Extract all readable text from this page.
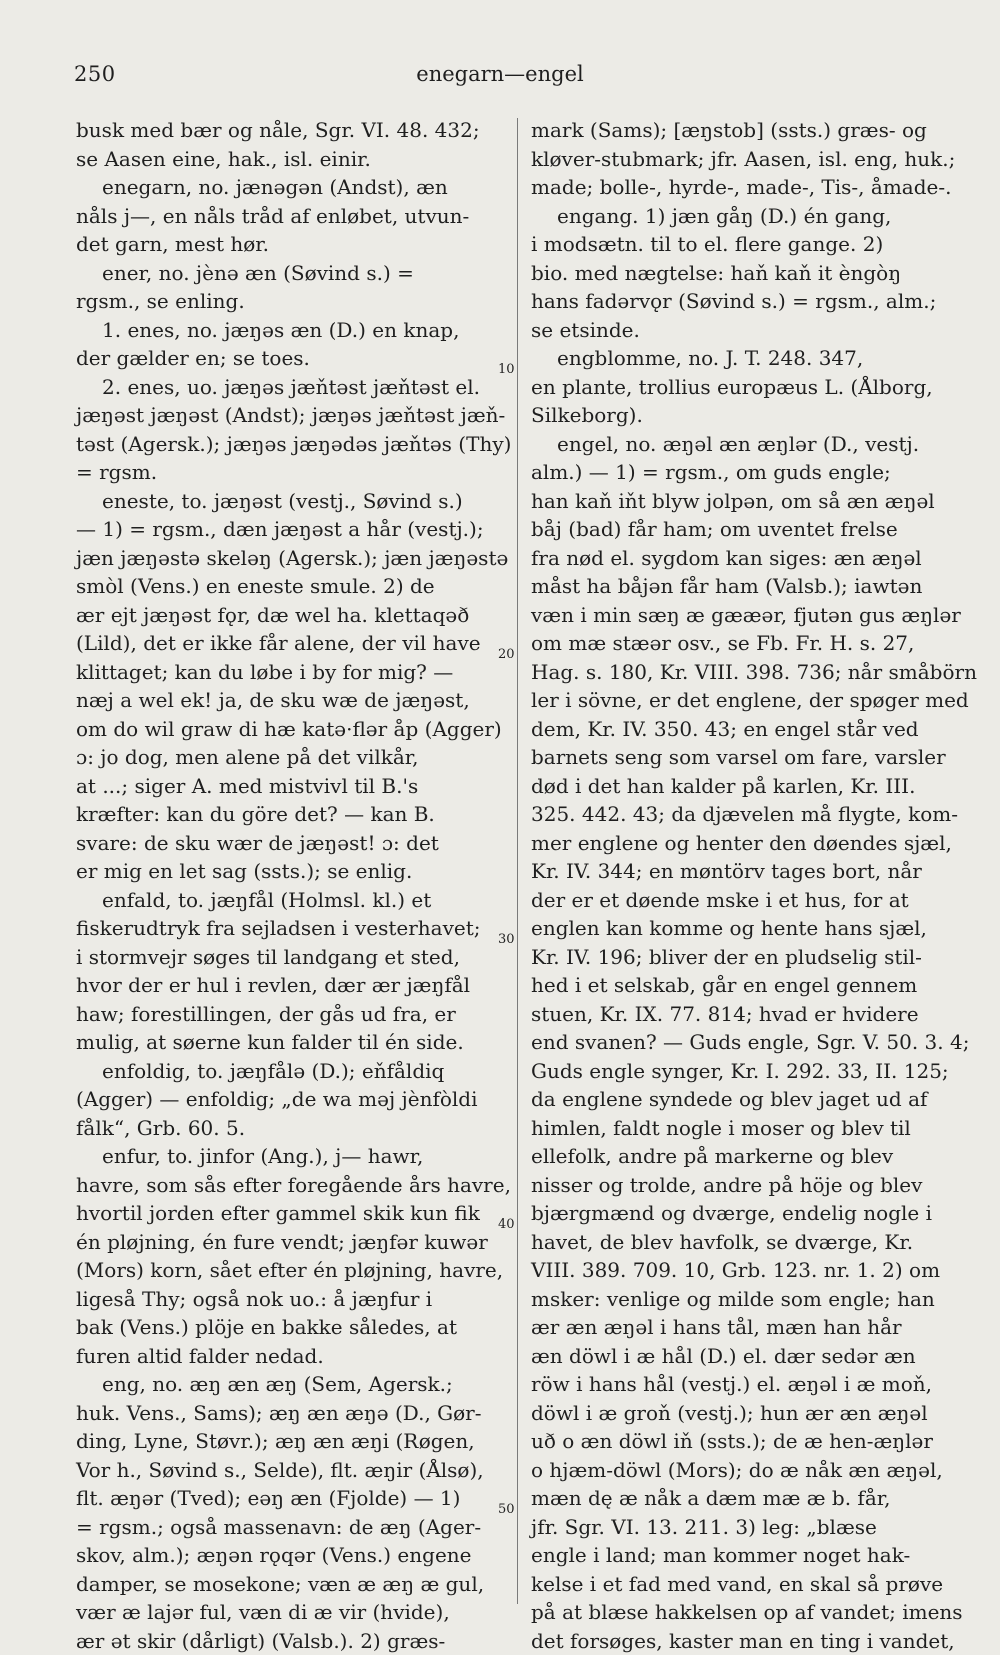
250	enegarn—engel
busk med bær og nåle, Sgr. VI. 48. 432;
se Aasen eine, hak., isl. einir.
enegarn, no. jænəgən (Andst), æn
nåls j—, en nåls tråd af enløbet, utvun-
det garn, mest hør.
ener, no. jènə æn (Søvind s.) =
rgsm., se enling.
1. enes, no. jæŋəs æn (D.) en knap,
der gælder en; se toes.
2. enes, uo. jæŋəs jæňtəst jæňtəst el.
jæŋəst jæŋəst (Andst); jæŋəs jæňtəst jæň-
təst (Agersk.); jæŋəs jæŋədəs jæňtəs (Thy)
= rgsm.
eneste, to. jæŋəst (vestj., Søvind s.)
— 1) = rgsm., dæn jæŋəst a hår (vestj.);
jæn jæŋəstə skeləŋ (Agersk.); jæn jæŋəstə
smòl (Vens.) en eneste smule. 2) de
ær ejt jæŋəst fǫr, dæ wel ha. klettaqəð
(Lild), det er ikke får alene, der vil have
klittaget; kan du løbe i by for mig? —
næj a wel ek! ja, de sku wæ de jæŋəst,
om do wil graw di hæ katə·flər åp (Agger)
ɔ: jo dog, men alene på det vilkår,
at ...; siger A. med mistvivl til B.'s
kræfter: kan du göre det? — kan B.
svare: de sku wær de jæŋəst! ɔ: det
er mig en let sag (ssts.); se enlig.
enfald, to. jæŋfål (Holmsl. kl.) et
fiskerudtryk fra sejladsen i vesterhavet;
i stormvejr søges til landgang et sted,
hvor der er hul i revlen, dær ær jæŋfål
haw; forestillingen, der gås ud fra, er
mulig, at søerne kun falder til én side.
enfoldig, to. jæŋfålə (D.); eňfåldiq
(Agger) — enfoldig; „de wa məj jènfòldi
fålk“, Grb. 60. 5.
enfur, to. jinfor (Ang.), j— hawr,
havre, som sås efter foregående års havre,
hvortil jorden efter gammel skik kun fik
én pløjning, én fure vendt; jæŋfər kuwər
(Mors) korn, sået efter én pløjning, havre,
ligeså Thy; også nok uo.: å jæŋfur i
bak (Vens.) plöje en bakke således, at
furen altid falder nedad.
eng, no. æŋ æn æŋ (Sem, Agersk.;
huk. Vens., Sams); æŋ æn æŋə (D., Gør-
ding, Lyne, Støvr.); æŋ æn æŋi (Røgen,
Vor h., Søvind s., Selde), flt. æŋir (Ålsø),
flt. æŋər (Tved); eəŋ æn (Fjolde) — 1)
= rgsm.; også massenavn: de æŋ (Ager-
skov, alm.); æŋən rǫqər (Vens.) engene
damper, se mosekone; væn æ æŋ æ gul,
vær æ lajər ful, væn di æ vir (hvide),
ær ət skir (dårligt) (Valsb.). 2) græs-
mark (Sams); [æŋstob] (ssts.) græs- og
kløver-stubmark; jfr. Aasen, isl. eng, huk.;
made; bolle-, hyrde-, made-, Tis-, åmade-.
engang. 1) jæn gåŋ (D.) én gang,
i modsætn. til to el. flere gange. 2)
bio. med nægtelse: haň kaň it èngòŋ
hans fadərvǫr (Søvind s.) = rgsm., alm.;
se etsinde.
engblomme, no. J. T. 248. 347,
en plante, trollius europæus L. (Ålborg,
Silkeborg).
engel, no. æŋəl æn æŋlər (D., vestj.
alm.) — 1) = rgsm., om guds engle;
han kaň iňt blyw jolpən, om så æn æŋəl
båj (bad) får ham; om uventet frelse
fra nød el. sygdom kan siges: æn æŋəl
måst ha båjən får ham (Valsb.); iawtən
væn i min sæŋ æ gææər, fjutən gus æŋlər
om mæ stæər osv., se Fb. Fr. H. s. 27,
Hag. s. 180, Kr. VIII. 398. 736; når småbörn
ler i sövne, er det englene, der spøger med
dem, Kr. IV. 350. 43; en engel står ved
barnets seng som varsel om fare, varsler
død i det han kalder på karlen, Kr. III.
325. 442. 43; da djævelen må flygte, kom-
mer englene og henter den døendes sjæl,
Kr. IV. 344; en møntörv tages bort, når
der er et døende mske i et hus, for at
englen kan komme og hente hans sjæl,
Kr. IV. 196; bliver der en pludselig stil-
hed i et selskab, går en engel gennem
stuen, Kr. IX. 77. 814; hvad er hvidere
end svanen? — Guds engle, Sgr. V. 50. 3. 4;
Guds engle synger, Kr. I. 292. 33, II. 125;
da englene syndede og blev jaget ud af
himlen, faldt nogle i moser og blev til
ellefolk, andre på markerne og blev
nisser og trolde, andre på höje og blev
bjærgmænd og dværge, endelig nogle i
havet, de blev havfolk, se dværge, Kr.
VIII. 389. 709. 10, Grb. 123. nr. 1. 2) om
msker: venlige og milde som engle; han
ær æn æŋəl i hans tål, mæn han hår
æn döwl i æ hål (D.) el. dær sedər æn
röw i hans hål (vestj.) el. æŋəl i æ moň,
döwl i æ groň (vestj.); hun ær æn æŋəl
uð o æn döwl iň (ssts.); de æ hen-æŋlər
o hjæm-döwl (Mors); do æ nåk æn æŋəl,
mæn dę æ nåk a dæm mæ æ b. får,
jfr. Sgr. VI. 13. 211. 3) leg: „blæse
engle i land; man kommer noget hak-
kelse i et fad med vand, en skal så prøve
på at blæse hakkelsen op af vandet; imens
det forsøges, kaster man en ting i vandet,
10
20
30
40
50
